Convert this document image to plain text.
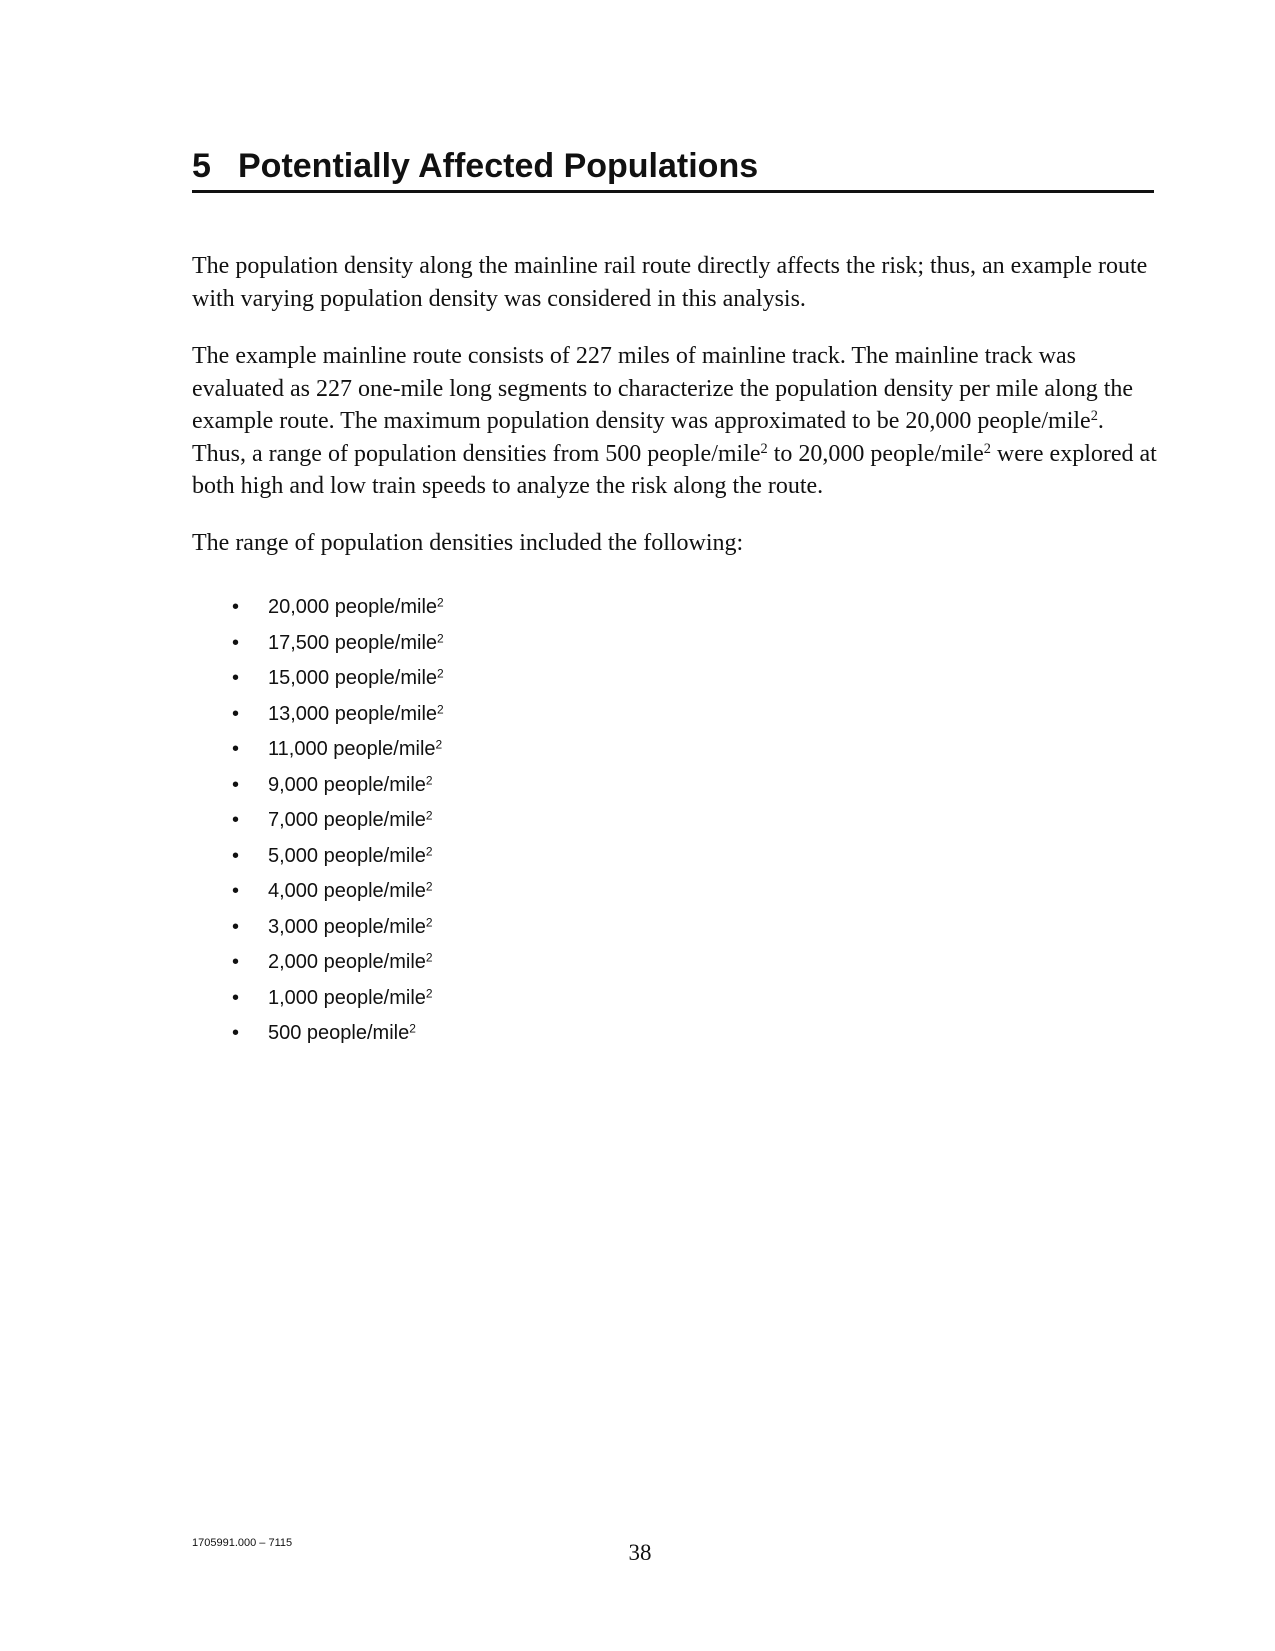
5 Potentially Affected Populations

The population density along the mainline rail route directly affects the risk; thus, an example route with varying population density was considered in this analysis.

The example mainline route consists of 227 miles of mainline track. The mainline track was evaluated as 227 one-mile long segments to characterize the population density per mile along the example route. The maximum population density was approximated to be 20,000 people/mile$^2$. Thus, a range of population densities from 500 people/mile$^2$ to 20,000 people/mile$^2$ were explored at both high and low train speeds to analyze the risk along the route.

The range of population densities included the following:

• 20,000 people/mile$^2$
• 17,500 people/mile$^2$
• 15,000 people/mile$^2$
• 13,000 people/mile$^2$
• 11,000 people/mile$^2$
• 9,000 people/mile$^2$
• 7,000 people/mile$^2$
• 5,000 people/mile$^2$
• 4,000 people/mile$^2$
• 3,000 people/mile$^2$
• 2,000 people/mile$^2$
• 1,000 people/mile$^2$
• 500 people/mile$^2$
1705991.000 – 7115	38
